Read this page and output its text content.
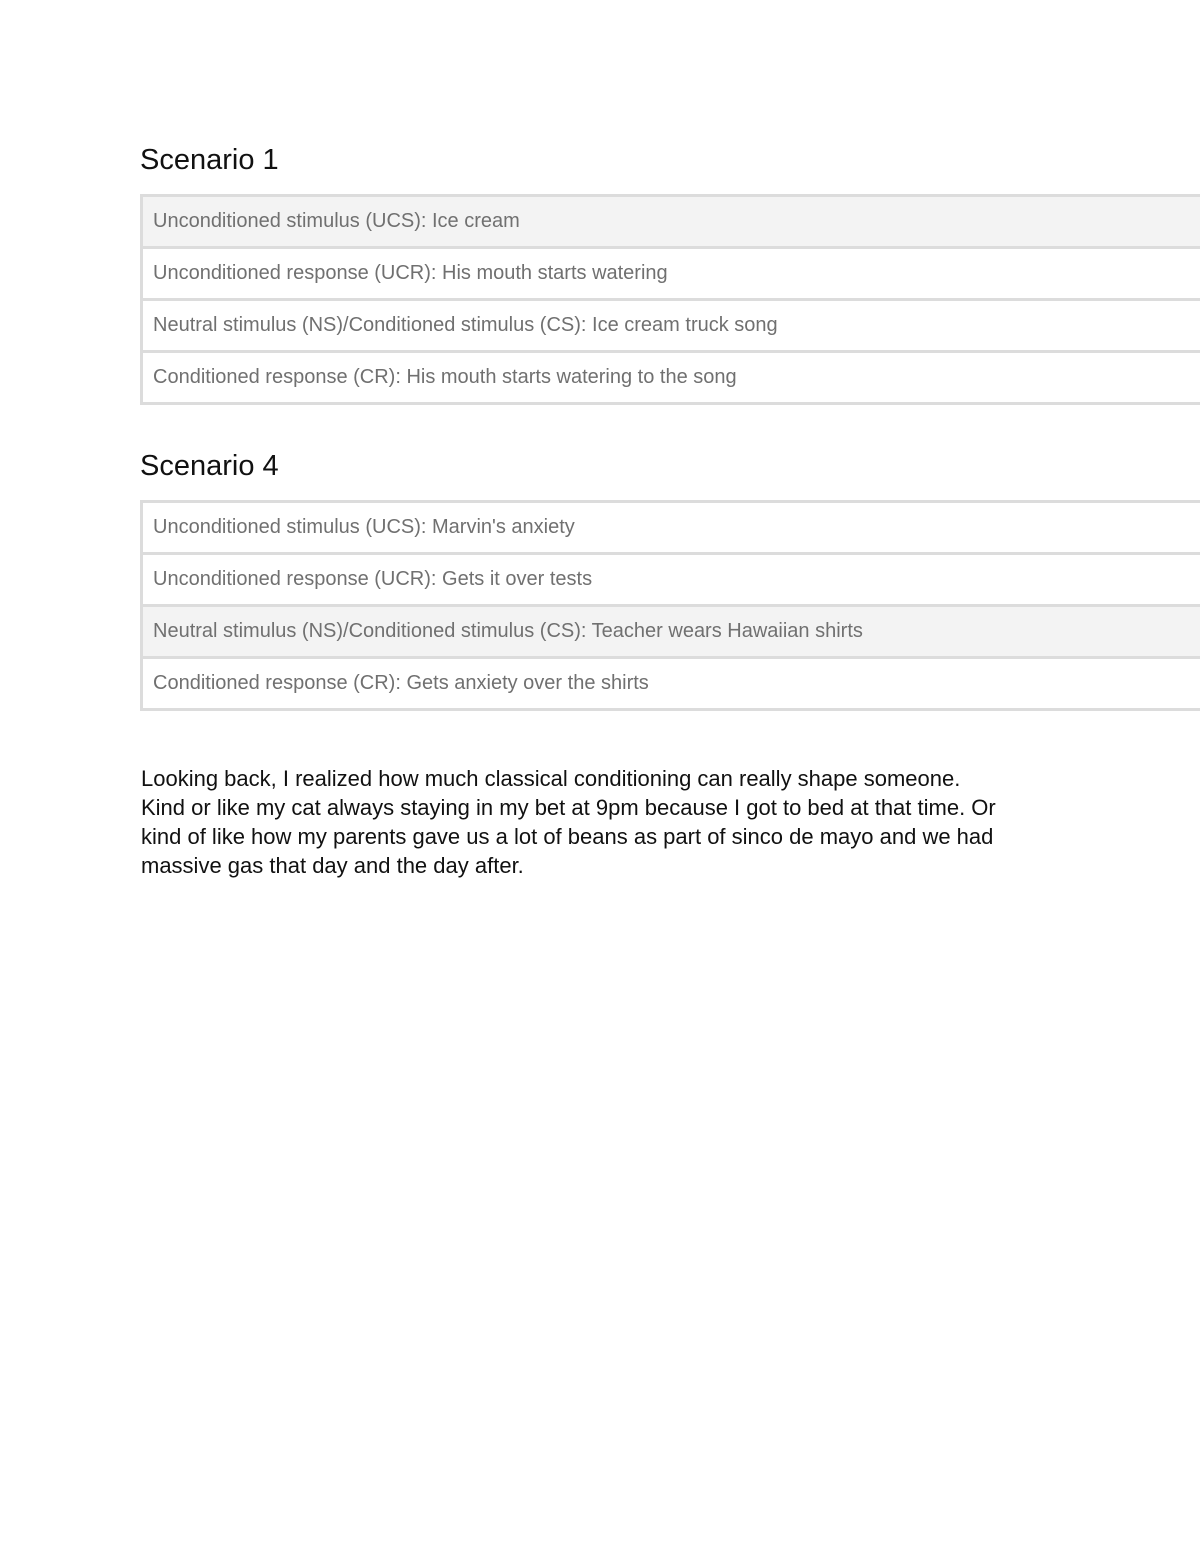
Scenario 1
Unconditioned stimulus (UCS): Ice cream
Unconditioned response (UCR): His mouth starts watering
Neutral stimulus (NS)/Conditioned stimulus (CS): Ice cream truck song
Conditioned response (CR): His mouth starts watering to the song
Scenario 4
Unconditioned stimulus (UCS): Marvin's anxiety
Unconditioned response (UCR): Gets it over tests
Neutral stimulus (NS)/Conditioned stimulus (CS): Teacher wears Hawaiian shirts
Conditioned response (CR): Gets anxiety over the shirts

Looking back, I realized how much classical conditioning can really shape someone.
Kind or like my cat always staying in my bet at 9pm because I got to bed at that time. Or
kind of like how my parents gave us a lot of beans as part of sinco de mayo and we had
massive gas that day and the day after.
